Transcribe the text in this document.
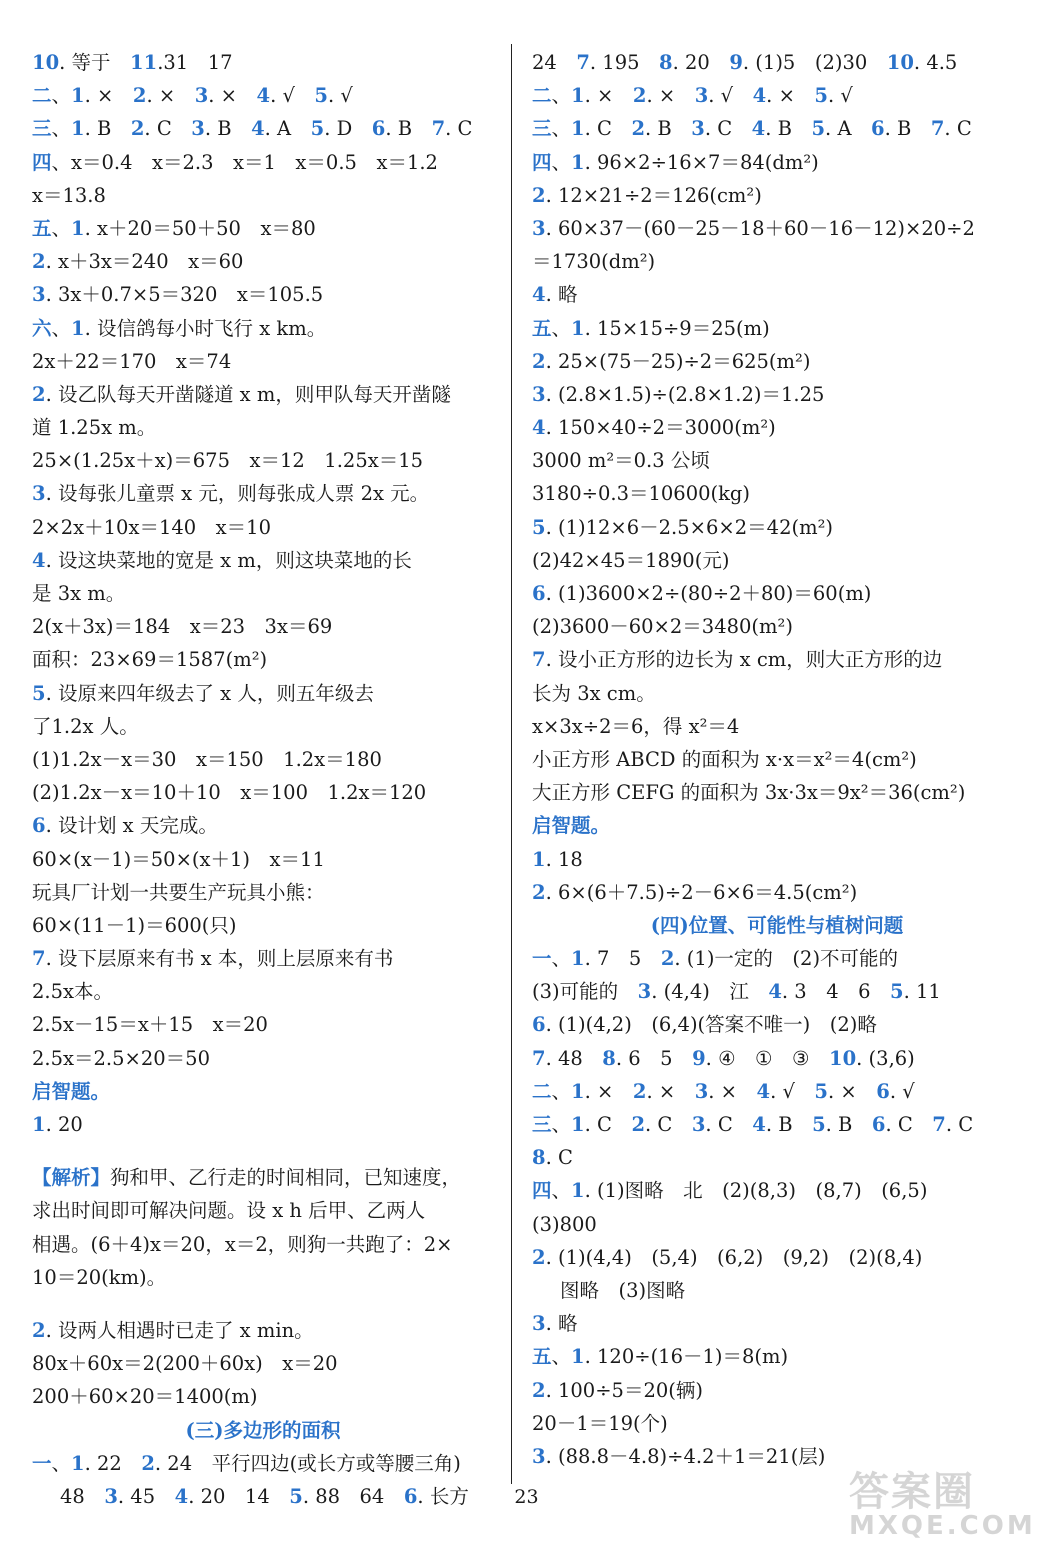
10. 等于　11.31　17
二、1. ×　2. ×　3. ×　4. √　5. √
三、1. B　2. C　3. B　4. A　5. D　6. B　7. C
四、x＝0.4　x＝2.3　x＝1　x＝0.5　x＝1.2
x＝13.8
五、1. x＋20＝50＋50　x＝80
2. x＋3x＝240　x＝60
3. 3x＋0.7×5＝320　x＝105.5
六、1. 设信鸽每小时飞行 x km。
2x＋22＝170　x＝74
2. 设乙队每天开凿隧道 x m，则甲队每天开凿隧
道 1.25x m。
25×(1.25x＋x)＝675　x＝12　1.25x＝15
3. 设每张儿童票 x 元，则每张成人票 2x 元。
2×2x＋10x＝140　x＝10
4. 设这块菜地的宽是 x m，则这块菜地的长
是 3x m。
2(x＋3x)＝184　x＝23　3x＝69
面积：23×69＝1587(m²)
5. 设原来四年级去了 x 人，则五年级去
了1.2x 人。
(1)1.2x－x＝30　x＝150　1.2x＝180
(2)1.2x－x＝10＋10　x＝100　1.2x＝120
6. 设计划 x 天完成。
60×(x－1)＝50×(x＋1)　x＝11
玩具厂计划一共要生产玩具小熊：
60×(11－1)＝600(只)
7. 设下层原来有书 x 本，则上层原来有书
2.5x本。
2.5x－15＝x＋15　x＝20
2.5x＝2.5×20＝50
启智题。
1. 20
【解析】狗和甲、乙行走的时间相同，已知速度，
求出时间即可解决问题。设 x h 后甲、乙两人
相遇。(6＋4)x＝20，x＝2，则狗一共跑了：2×
10＝20(km)。
2. 设两人相遇时已走了 x min。
80x＋60x＝2(200＋60x)　x＝20
200＋60×20＝1400(m)
(三)多边形的面积
一、1. 22　2. 24　平行四边(或长方或等腰三角)
48　3. 45　4. 20　14　5. 88　64　6. 长方
24　7. 195　8. 20　9. (1)5　(2)30　10. 4.5
二、1. ×　2. ×　3. √　4. ×　5. √
三、1. C　2. B　3. C　4. B　5. A　6. B　7. C
四、1. 96×2÷16×7＝84(dm²)
2. 12×21÷2＝126(cm²)
3. 60×37－(60－25－18＋60－16－12)×20÷2
＝1730(dm²)
4. 略
五、1. 15×15÷9＝25(m)
2. 25×(75－25)÷2＝625(m²)
3. (2.8×1.5)÷(2.8×1.2)＝1.25
4. 150×40÷2＝3000(m²)
3000 m²＝0.3 公顷
3180÷0.3＝10600(kg)
5. (1)12×6－2.5×6×2＝42(m²)
(2)42×45＝1890(元)
6. (1)3600×2÷(80÷2＋80)＝60(m)
(2)3600－60×2＝3480(m²)
7. 设小正方形的边长为 x cm，则大正方形的边
长为 3x cm。
x×3x÷2＝6，得 x²＝4
小正方形 ABCD 的面积为 x·x＝x²＝4(cm²)
大正方形 CEFG 的面积为 3x·3x＝9x²＝36(cm²)
启智题。
1. 18
2. 6×(6＋7.5)÷2－6×6＝4.5(cm²)
(四)位置、可能性与植树问题
一、1. 7　5　2. (1)一定的　(2)不可能的
(3)可能的　3. (4,4)　江　4. 3　4　6　5. 11
6. (1)(4,2)　(6,4)(答案不唯一)　(2)略
7. 48　8. 6　5　9. ④　①　③　10. (3,6)
二、1. ×　2. ×　3. ×　4. √　5. ×　6. √
三、1. C　2. C　3. C　4. B　5. B　6. C　7. C
8. C
四、1. (1)图略　北　(2)(8,3)　(8,7)　(6,5)
(3)800
2. (1)(4,4)　(5,4)　(6,2)　(9,2)　(2)(8,4)
图略　(3)图略
3. 略
五、1. 120÷(16－1)＝8(m)
2. 100÷5＝20(辆)
20－1＝19(个)
3. (88.8－4.8)÷4.2＋1＝21(层)
23	答案圈
MXQE.COM
